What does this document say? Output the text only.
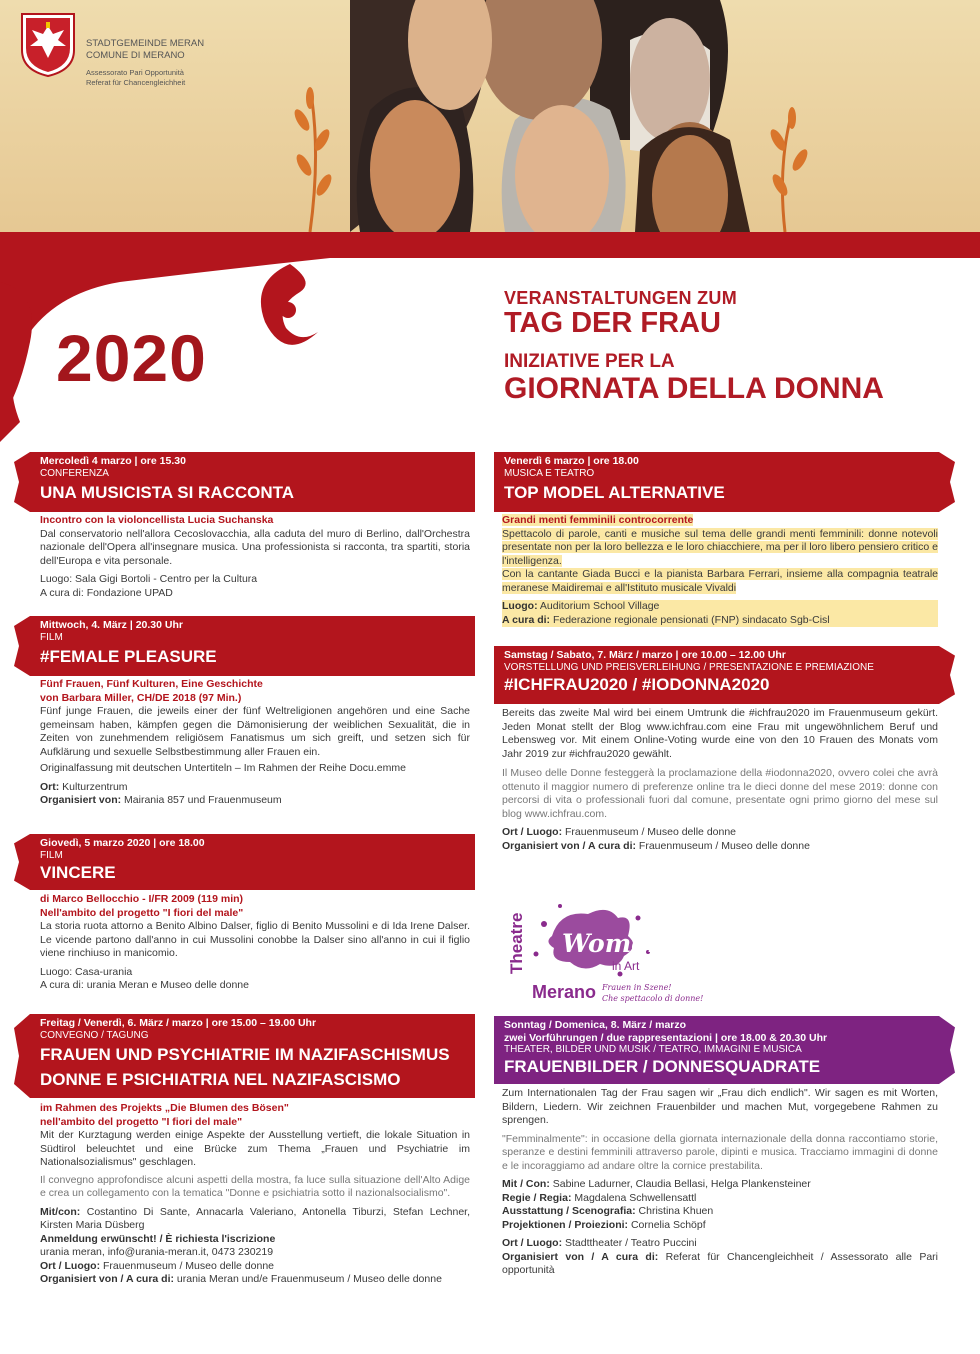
STADTGEMEINDE MERAN
COMUNE DI MERANO
Assessorato Pari Opportunità
Referat für Chancengleichheit
2020
VERANSTALTUNGEN ZUM
TAG DER FRAU
INIZIATIVE PER LA
GIORNATA DELLA DONNA
Mercoledì 4 marzo | ore 15.30
CONFERENZA
UNA MUSICISTA SI RACCONTA
Incontro con la violoncellista Lucia Suchanska
Dal conservatorio nell'allora Cecoslovacchia, alla caduta del muro di Berlino, dall'Orchestra nazionale dell'Opera all'insegnare musica. Una professionista si racconta, tra spartiti, storia dell'Europa e vita personale.
Luogo: Sala Gigi Bortoli - Centro per la Cultura
A cura di: Fondazione UPAD
Mittwoch, 4. März | 20.30 Uhr
FILM
#FEMALE PLEASURE
Fünf Frauen, Fünf Kulturen, Eine Geschichte
von Barbara Miller, CH/DE 2018 (97 Min.)
Fünf junge Frauen, die jeweils einer der fünf Weltreligionen angehören und eine Sache gemeinsam haben, kämpfen gegen die Dämonisierung der weiblichen Sexualität, die in Zeiten von zunehmendem religiösem Fanatismus um sich greift, und setzen sich für Aufklärung und sexuelle Selbstbestimmung aller Frauen ein.
Originalfassung mit deutschen Untertiteln – Im Rahmen der Reihe Docu.emme
Ort: Kulturzentrum
Organisiert von: Mairania 857 und Frauenmuseum
Giovedì, 5 marzo 2020 | ore 18.00
FILM
VINCERE
di Marco Bellocchio - I/FR 2009 (119 min)
Nell'ambito del progetto "I fiori del male"
La storia ruota attorno a Benito Albino Dalser, figlio di Benito Mussolini e di Ida Irene Dalser. Le vicende partono dall'anno in cui Mussolini conobbe la Dalser sino all'anno in cui il figlio viene rinchiuso in manicomio.
Luogo: Casa-urania
A cura di: urania Meran e Museo delle donne
Freitag / Venerdì, 6. März / marzo | ore 15.00 – 19.00 Uhr
CONVEGNO / TAGUNG
FRAUEN UND PSYCHIATRIE IM NAZIFASCHISMUS
DONNE E PSICHIATRIA NEL NAZIFASCISMO
im Rahmen des Projekts „Die Blumen des Bösen"
nell'ambito del progetto "I fiori del male"
Mit der Kurztagung werden einige Aspekte der Ausstellung vertieft, die lokale Situation in Südtirol beleuchtet und eine Brücke zum Thema „Frauen und Psychiatrie im Nationalsozialismus" geschlagen.
Il convegno approfondisce alcuni aspetti della mostra, fa luce sulla situazione dell'Alto Adige e crea un collegamento con la tematica "Donne e psichiatria sotto il nazionalsocialismo".
Mit/con: Costantino Di Sante, Annacarla Valeriano, Antonella Tiburzi, Stefan Lechner, Kirsten Maria Düsberg
Anmeldung erwünscht! / È richiesta l'iscrizione
urania meran, info@urania-meran.it, 0473 230219
Ort / Luogo: Frauenmuseum / Museo delle donne
Organisiert von / A cura di: urania Meran und/e Frauenmuseum / Museo delle donne
Venerdì 6 marzo | ore 18.00
MUSICA E TEATRO
TOP MODEL ALTERNATIVE
Grandi menti femminili controcorrente
Spettacolo di parole, canti e musiche sul tema delle grandi menti femminili: donne notevoli presentate non per la loro bellezza e le loro chiacchiere, ma per il loro libero pensiero critico e l'intelligenza.
Con la cantante Giada Bucci e la pianista Barbara Ferrari, insieme alla compagnia teatrale meranese Maidiremai e all'Istituto musicale Vivaldi
Luogo: Auditorium School Village
A cura di: Federazione regionale pensionati (FNP) sindacato Sgb-Cisl
Samstag / Sabato, 7. März / marzo | ore 10.00 – 12.00 Uhr
VORSTELLUNG UND PREISVERLEIHUNG / PRESENTAZIONE E PREMIAZIONE
#ICHFRAU2020 / #IODONNA2020
Bereits das zweite Mal wird bei einem Umtrunk die #ichfrau2020 im Frauenmuseum gekürt. Jeden Monat stellt der Blog www.ichfrau.com eine Frau mit ungewöhnlichem Beruf und Lebensweg vor. Mit einem Online-Voting wurde eine von den 10 Frauen des Monats vom Jahr 2019 zur #ichfrau2020 gewählt.
Il Museo delle Donne festeggerà la proclamazione della #iodonna2020, ovvero colei che avrà ottenuto il maggior numero di preferenze online tra le dieci donne del mese 2019: donne con percorsi di vita o professionali fuori dal comune, presentate ogni primo giorno del mese sul blog www.ichfrau.com.
Ort / Luogo: Frauenmuseum / Museo delle donne
Organisiert von / A cura di: Frauenmuseum / Museo delle donne
Theatre Women
in Art
Merano Frauen in Szene!
Che spettacolo di donne!
Sonntag / Domenica, 8. März / marzo
zwei Vorführungen / due rappresentazioni | ore 18.00 & 20.30 Uhr
THEATER, BILDER UND MUSIK / TEATRO, IMMAGINI E MUSICA
FRAUENBILDER / DONNESQUADRATE
Zum Internationalen Tag der Frau sagen wir „Frau dich endlich". Wir sagen es mit Worten, Bildern, Liedern. Wir zeichnen Frauenbilder und machen Mut, vorgegebene Rahmen zu sprengen.
"Femminalmente": in occasione della giornata internazionale della donna raccontiamo storie, speranze e destini femminili attraverso parole, dipinti e musica. Tracciamo immagini di donne e le incoraggiamo ad andare oltre la cornice prestabilita.
Mit / Con: Sabine Ladurner, Claudia Bellasi, Helga Plankensteiner
Regie / Regia: Magdalena Schwellensattl
Ausstattung / Scenografia: Christina Khuen
Projektionen / Proiezioni: Cornelia Schöpf
Ort / Luogo: Stadttheater / Teatro Puccini
Organisiert von / A cura di: Referat für Chancengleichheit / Assessorato alle Pari opportunità
